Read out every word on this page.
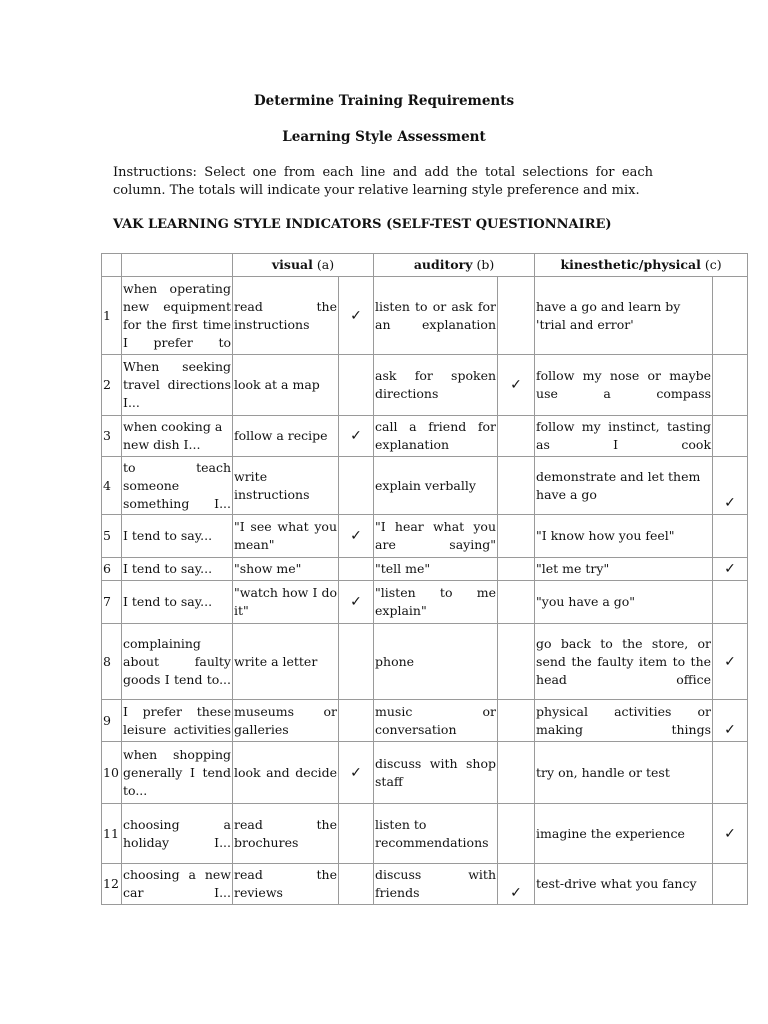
Determine Training Requirements
Learning Style Assessment
Instructions: Select one from each line and add the total selections for each column. The totals will indicate your relative learning style preference and mix.
VAK LEARNING STYLE INDICATORS (SELF-TEST QUESTIONNAIRE)
		visual (a)		auditory (b)		kinesthetic/physical (c)	
1	when operating new equipment for the first time I prefer to	read the instructions	✓	listen to or ask for an explanation		have a go and learn by 'trial and error'	
2	When seeking travel directions I...	look at a map		ask for spoken directions	✓	follow my nose or maybe use a compass	
3	when cooking a new dish I...	follow a recipe	✓	call a friend for explanation		follow my instinct, tasting as I cook	
4	to teach someone something I...	write instructions		explain verbally		demonstrate and let them have a go	✓
5	I tend to say...	"I see what you mean"	✓	"I hear what you are saying"		"I know how you feel"	
6	I tend to say...	"show me"		"tell me"		"let me try"	✓
7	I tend to say...	"watch how I do it"	✓	"listen to me explain"		"you have a go"	
8	complaining about faulty goods I tend to...	write a letter		phone		go back to the store, or send the faulty item to the head office	✓
9	I prefer these leisure activities	museums or galleries		music or conversation		physical activities or making things	✓
10	when shopping generally I tend to...	look and decide	✓	discuss with shop staff		try on, handle or test	
11	choosing a holiday I...	read the brochures		listen to recommendations		imagine the experience	✓
12	choosing a new car I...	read the reviews		discuss with friends	✓	test-drive what you fancy	
